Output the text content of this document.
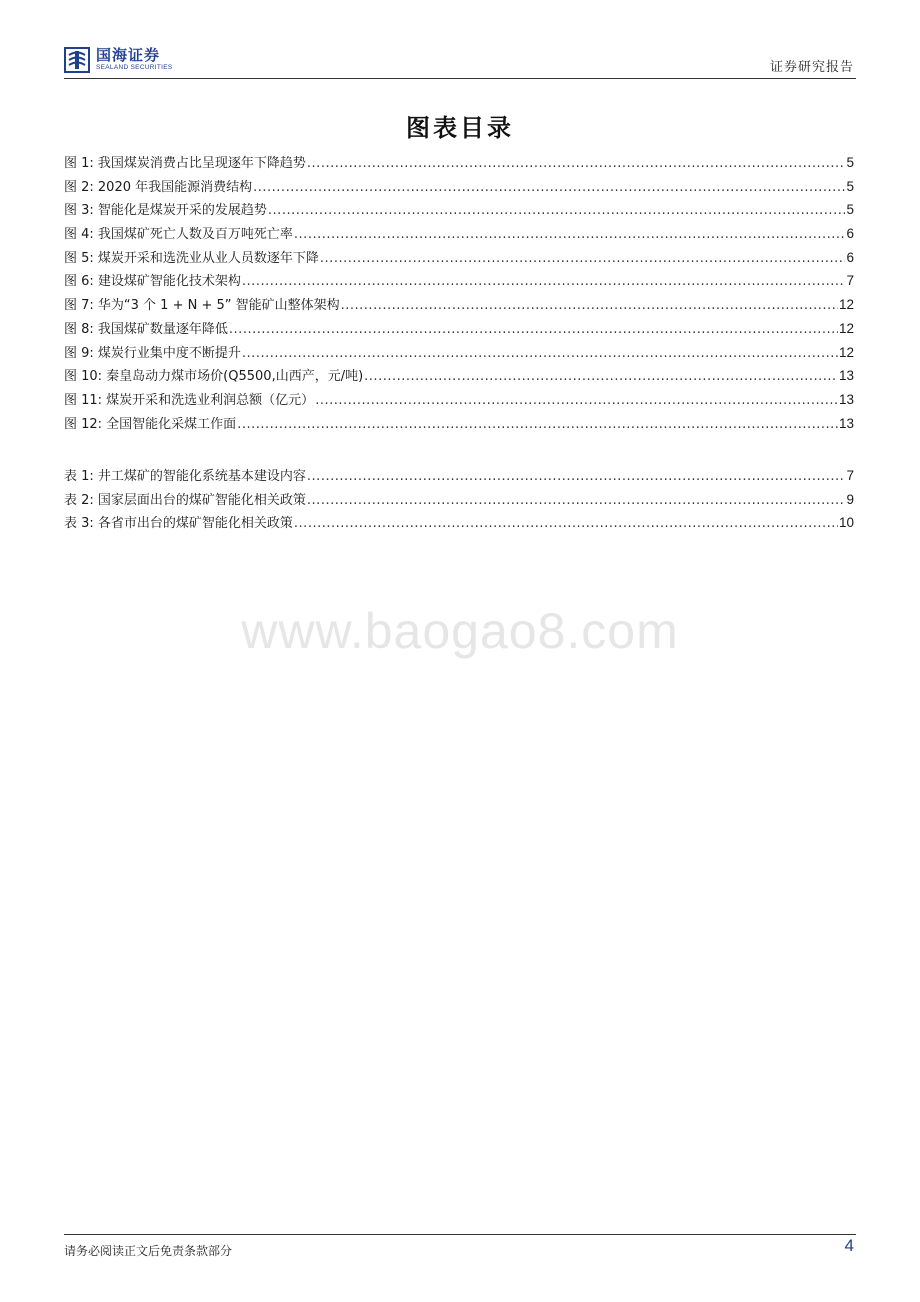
国海证券
SEALAND SECURITIES	证券研究报告
图表目录
图 1: 我国煤炭消费占比呈现逐年下降趋势 .....	5
图 2: 2020 年我国能源消费结构 .....	5
图 3: 智能化是煤炭开采的发展趋势 .....	5
图 4: 我国煤矿死亡人数及百万吨死亡率 .....	6
图 5: 煤炭开采和选洗业从业人员数逐年下降 .....	6
图 6: 建设煤矿智能化技术架构 .....	7
图 7: 华为“3 个 1 + N + 5” 智能矿山整体架构 .....	12
图 8: 我国煤矿数量逐年降低 .....	12
图 9: 煤炭行业集中度不断提升 .....	12
图 10: 秦皇岛动力煤市场价(Q5500,山西产，元/吨) .....	13
图 11: 煤炭开采和洗选业利润总额（亿元） .....	13
图 12: 全国智能化采煤工作面 .....	13
表 1: 井工煤矿的智能化系统基本建设内容 .....	7
表 2: 国家层面出台的煤矿智能化相关政策 .....	9
表 3: 各省市出台的煤矿智能化相关政策 .....	10
www.baogao8.com
请务必阅读正文后免责条款部分	4
